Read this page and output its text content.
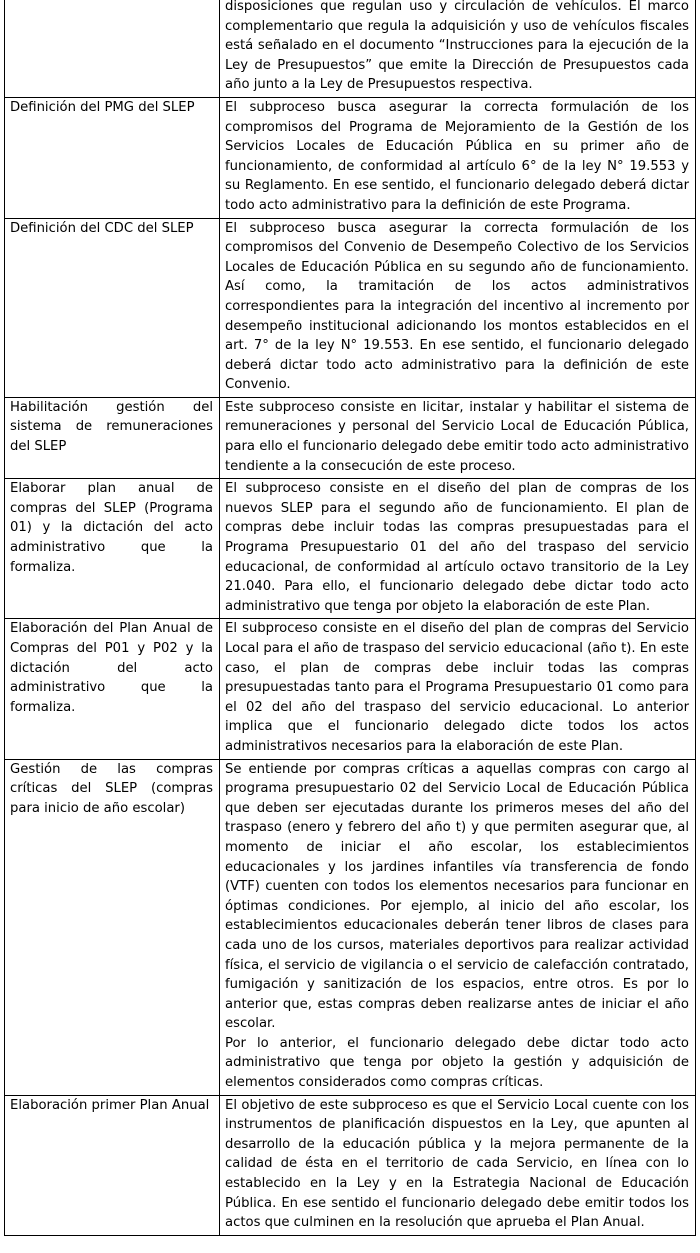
	disposiciones que regulan uso y circulación de vehículos. El marco complementario que regula la adquisición y uso de vehículos fiscales está señalado en el documento “Instrucciones para la ejecución de la Ley de Presupuestos” que emite la Dirección de Presupuestos cada año junto a la Ley de Presupuestos respectiva.

Definición del PMG del SLEP	El subproceso busca asegurar la correcta formulación de los compromisos del Programa de Mejoramiento de la Gestión de los Servicios Locales de Educación Pública en su primer año de funcionamiento, de conformidad al artículo 6° de la ley N° 19.553 y su Reglamento. En ese sentido, el funcionario delegado deberá dictar todo acto administrativo para la definición de este Programa.

Definición del CDC del SLEP	El subproceso busca asegurar la correcta formulación de los compromisos del Convenio de Desempeño Colectivo de los Servicios Locales de Educación Pública en su segundo año de funcionamiento. Así como, la tramitación de los actos administrativos correspondientes para la integración del incentivo al incremento por desempeño institucional adicionando los montos establecidos en el art. 7° de la ley N° 19.553. En ese sentido, el funcionario delegado deberá dictar todo acto administrativo para la definición de este Convenio.

Habilitación gestión del sistema de remuneraciones del SLEP	Este subproceso consiste en licitar, instalar y habilitar el sistema de remuneraciones y personal del Servicio Local de Educación Pública, para ello el funcionario delegado debe emitir todo acto administrativo tendiente a la consecución de este proceso.

Elaborar plan anual de compras del SLEP (Programa 01) y la dictación del acto administrativo que la formaliza.	El subproceso consiste en el diseño del plan de compras de los nuevos SLEP para el segundo año de funcionamiento. El plan de compras debe incluir todas las compras presupuestadas para el Programa Presupuestario 01 del año del traspaso del servicio educacional, de conformidad al artículo octavo transitorio de la Ley 21.040. Para ello, el funcionario delegado debe dictar todo acto administrativo que tenga por objeto la elaboración de este Plan.

Elaboración del Plan Anual de Compras del P01 y P02 y la dictación del acto administrativo que la formaliza.	El subproceso consiste en el diseño del plan de compras del Servicio Local para el año de traspaso del servicio educacional (año t). En este caso, el plan de compras debe incluir todas las compras presupuestadas tanto para el Programa Presupuestario 01 como para el 02 del año del traspaso del servicio educacional. Lo anterior implica que el funcionario delegado dicte todos los actos administrativos necesarios para la elaboración de este Plan.

Gestión de las compras críticas del SLEP (compras para inicio de año escolar)	Se entiende por compras críticas a aquellas compras con cargo al programa presupuestario 02 del Servicio Local de Educación Pública que deben ser ejecutadas durante los primeros meses del año del traspaso (enero y febrero del año t) y que permiten asegurar que, al momento de iniciar el año escolar, los establecimientos educacionales y los jardines infantiles vía transferencia de fondo (VTF) cuenten con todos los elementos necesarios para funcionar en óptimas condiciones. Por ejemplo, al inicio del año escolar, los establecimientos educacionales deberán tener libros de clases para cada uno de los cursos, materiales deportivos para realizar actividad física, el servicio de vigilancia o el servicio de calefacción contratado, fumigación y sanitización de los espacios, entre otros. Es por lo anterior que, estas compras deben realizarse antes de iniciar el año escolar.
Por lo anterior, el funcionario delegado debe dictar todo acto administrativo que tenga por objeto la gestión y adquisición de elementos considerados como compras críticas.

Elaboración primer Plan Anual	El objetivo de este subproceso es que el Servicio Local cuente con los instrumentos de planificación dispuestos en la Ley, que apunten al desarrollo de la educación pública y la mejora permanente de la calidad de ésta en el territorio de cada Servicio, en línea con lo establecido en la Ley y en la Estrategia Nacional de Educación Pública. En ese sentido el funcionario delegado debe emitir todos los actos que culminen en la resolución que aprueba el Plan Anual.
